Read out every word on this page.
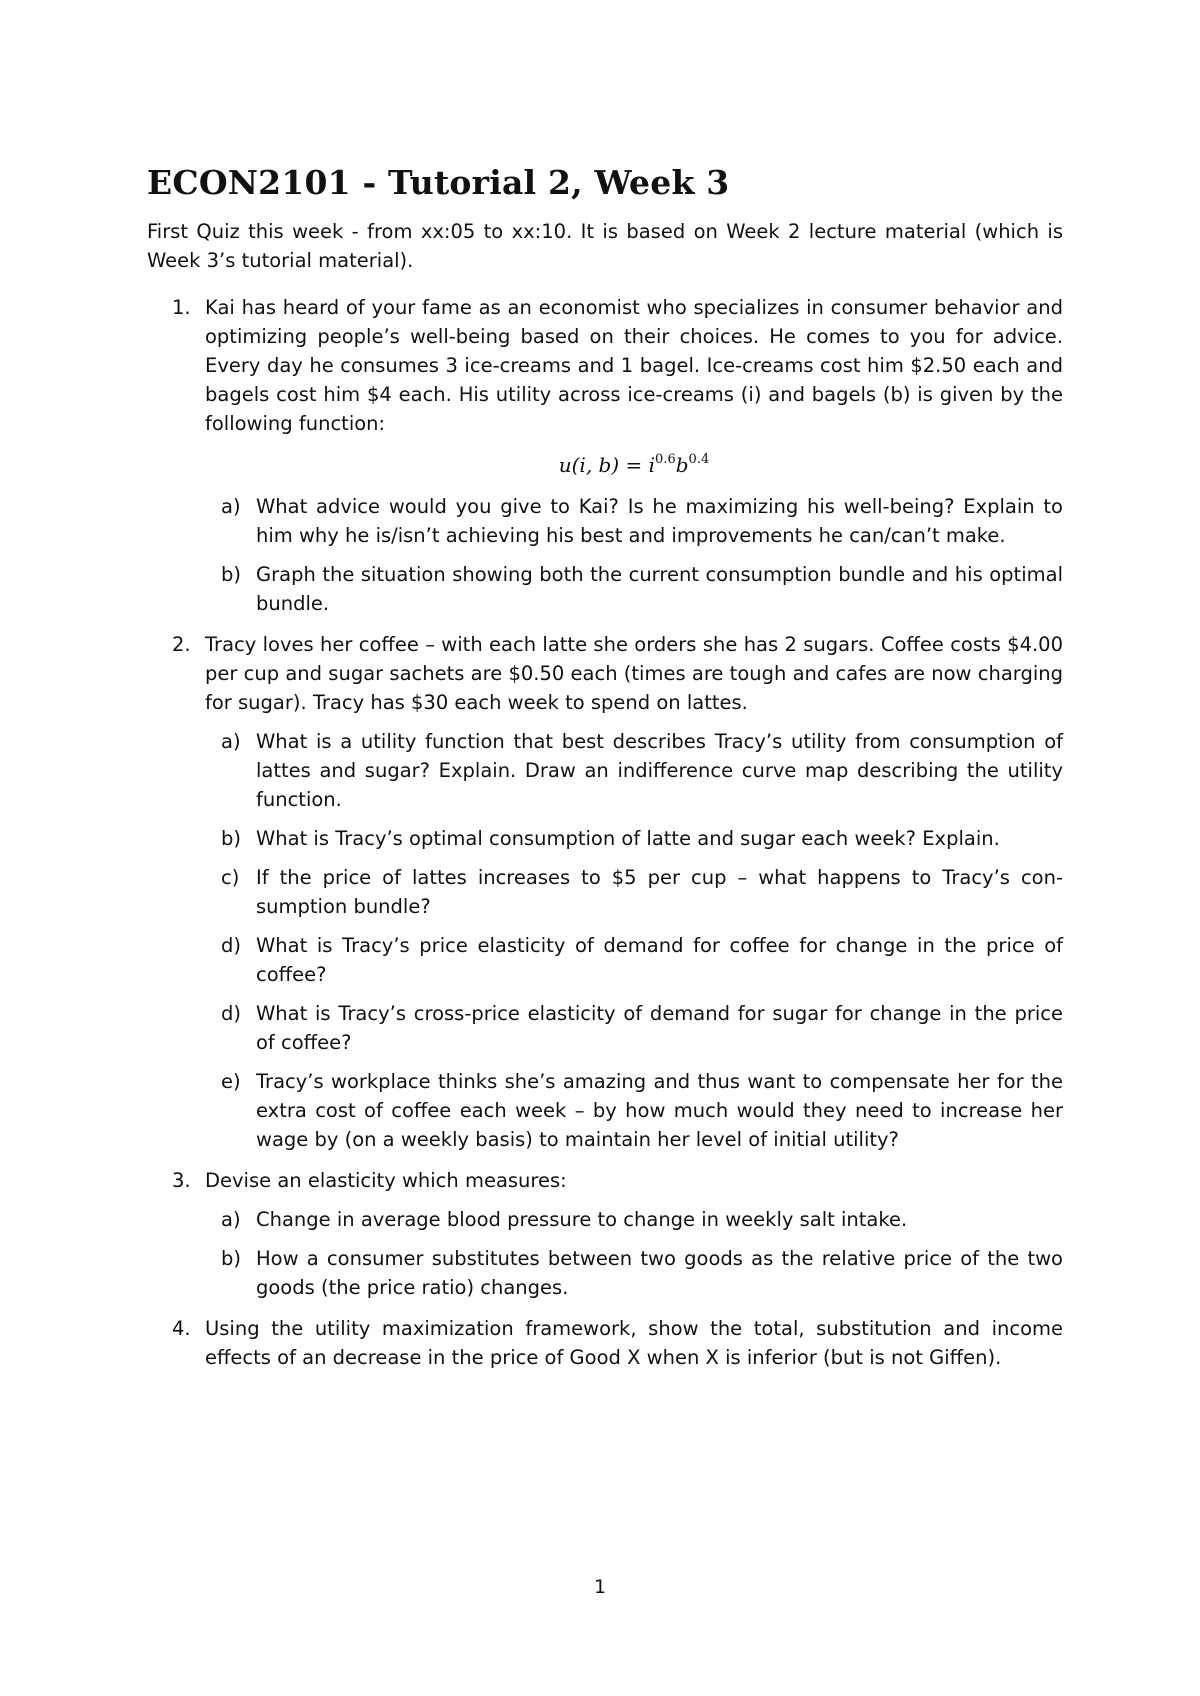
ECON2101 - Tutorial 2, Week 3

First Quiz this week - from xx:05 to xx:10. It is based on Week 2 lecture material (which is Week 3’s tutorial material).

1. Kai has heard of your fame as an economist who specializes in consumer behavior and optimizing people’s well-being based on their choices. He comes to you for advice. Every day he consumes 3 ice-creams and 1 bagel. Ice-creams cost him $2.50 each and bagels cost him $4 each. His utility across ice-creams (i) and bagels (b) is given by the following function:

u(i, $b) = i^{0.6}b^{0.4}$
a) What advice would you give to Kai? Is he maximizing his well-being? Explain to him why he is/isn’t achieving his best and improvements he can/can’t make.
b) Graph the situation showing both the current consumption bundle and his optimal bundle.
2. Tracy loves her coffee – with each latte she orders she has 2 sugars. Coffee costs $4.00 per cup and sugar sachets are $0.50 each (times are tough and cafes are now charging for sugar). Tracy has $30 each week to spend on lattes.

a) What is a utility function that best describes Tracy’s utility from consumption of lattes and sugar? Explain. Draw an indifference curve map describing the utility function.
b) What is Tracy’s optimal consumption of latte and sugar each week? Explain.
c) If the price of lattes increases to $5 per cup – what happens to Tracy’s con-sumption bundle?
d) What is Tracy’s price elasticity of demand for coffee for change in the price of coffee?
d) What is Tracy’s cross-price elasticity of demand for sugar for change in the price of coffee?
e) Tracy’s workplace thinks she’s amazing and thus want to compensate her for the extra cost of coffee each week – by how much would they need to increase her wage by (on a weekly basis) to maintain her level of initial utility?
3. Devise an elasticity which measures:

a) Change in average blood pressure to change in weekly salt intake.
b) How a consumer substitutes between two goods as the relative price of the two goods (the price ratio) changes.
4. Using the utility maximization framework, show the total, substitution and income effects of an decrease in the price of Good X when X is inferior (but is not Giffen).

1
